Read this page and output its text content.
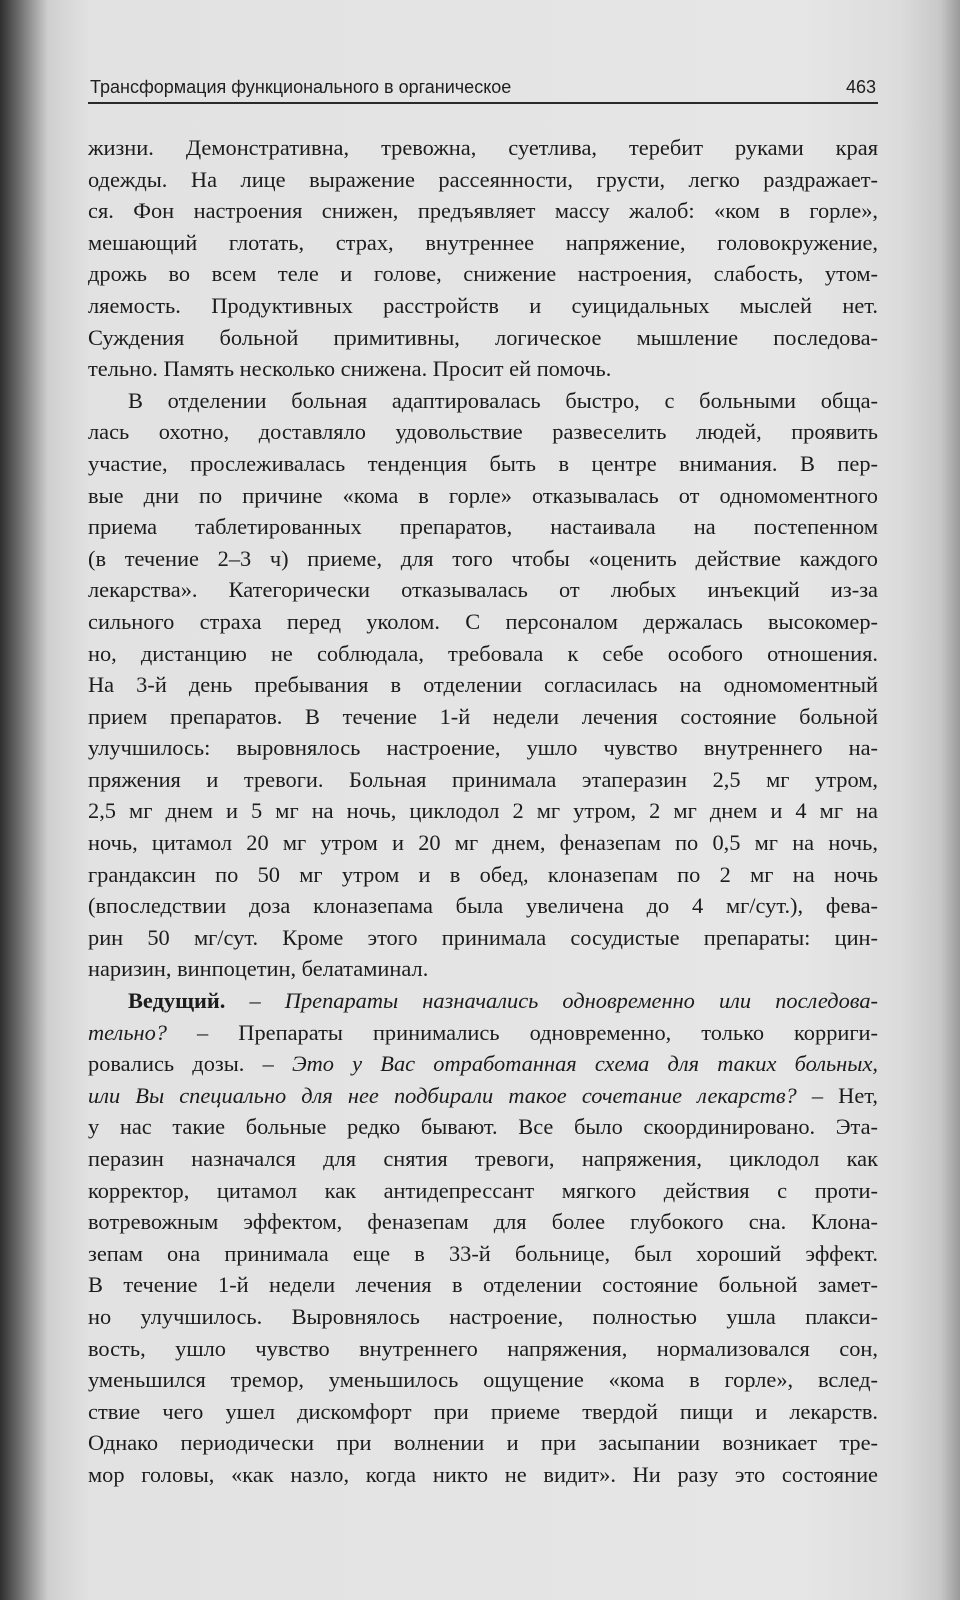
Трансформация функционального в органическое	463
жизни. Демонстративна, тревожна, суетлива, теребит руками края
одежды. На лице выражение рассеянности, грусти, легко раздражает-
ся. Фон настроения снижен, предъявляет массу жалоб: «ком в горле»,
мешающий глотать, страх, внутреннее напряжение, головокружение,
дрожь во всем теле и голове, снижение настроения, слабость, утом-
ляемость. Продуктивных расстройств и суицидальных мыслей нет.
Суждения больной примитивны, логическое мышление последова-
тельно. Память несколько снижена. Просит ей помочь.
В отделении больная адаптировалась быстро, с больными обща-
лась охотно, доставляло удовольствие развеселить людей, проявить
участие, прослеживалась тенденция быть в центре внимания. В пер-
вые дни по причине «кома в горле» отказывалась от одномоментного
приема таблетированных препаратов, настаивала на постепенном
(в течение 2–3 ч) приеме, для того чтобы «оценить действие каждого
лекарства». Категорически отказывалась от любых инъекций из-за
сильного страха перед уколом. С персоналом держалась высокомер-
но, дистанцию не соблюдала, требовала к себе особого отношения.
На 3-й день пребывания в отделении согласилась на одномоментный
прием препаратов. В течение 1-й недели лечения состояние больной
улучшилось: выровнялось настроение, ушло чувство внутреннего на-
пряжения и тревоги. Больная принимала этаперазин 2,5 мг утром,
2,5 мг днем и 5 мг на ночь, циклодол 2 мг утром, 2 мг днем и 4 мг на
ночь, цитамол 20 мг утром и 20 мг днем, феназепам по 0,5 мг на ночь,
грандаксин по 50 мг утром и в обед, клоназепам по 2 мг на ночь
(впоследствии доза клоназепама была увеличена до 4 мг/сут.), фева-
рин 50 мг/сут. Кроме этого принимала сосудистые препараты: цин-
наризин, винпоцетин, белатаминал.
Ведущий. – Препараты назначались одновременно или последова-
тельно? – Препараты принимались одновременно, только корриги-
ровались дозы. – Это у Вас отработанная схема для таких больных,
или Вы специально для нее подбирали такое сочетание лекарств? – Нет,
у нас такие больные редко бывают. Все было скоординировано. Эта-
перазин назначался для снятия тревоги, напряжения, циклодол как
корректор, цитамол как антидепрессант мягкого действия с проти-
вотревожным эффектом, феназепам для более глубокого сна. Клона-
зепам она принимала еще в 33-й больнице, был хороший эффект.
В течение 1-й недели лечения в отделении состояние больной замет-
но улучшилось. Выровнялось настроение, полностью ушла плакси-
вость, ушло чувство внутреннего напряжения, нормализовался сон,
уменьшился тремор, уменьшилось ощущение «кома в горле», вслед-
ствие чего ушел дискомфорт при приеме твердой пищи и лекарств.
Однако периодически при волнении и при засыпании возникает тре-
мор головы, «как назло, когда никто не видит». Ни разу это состояние
